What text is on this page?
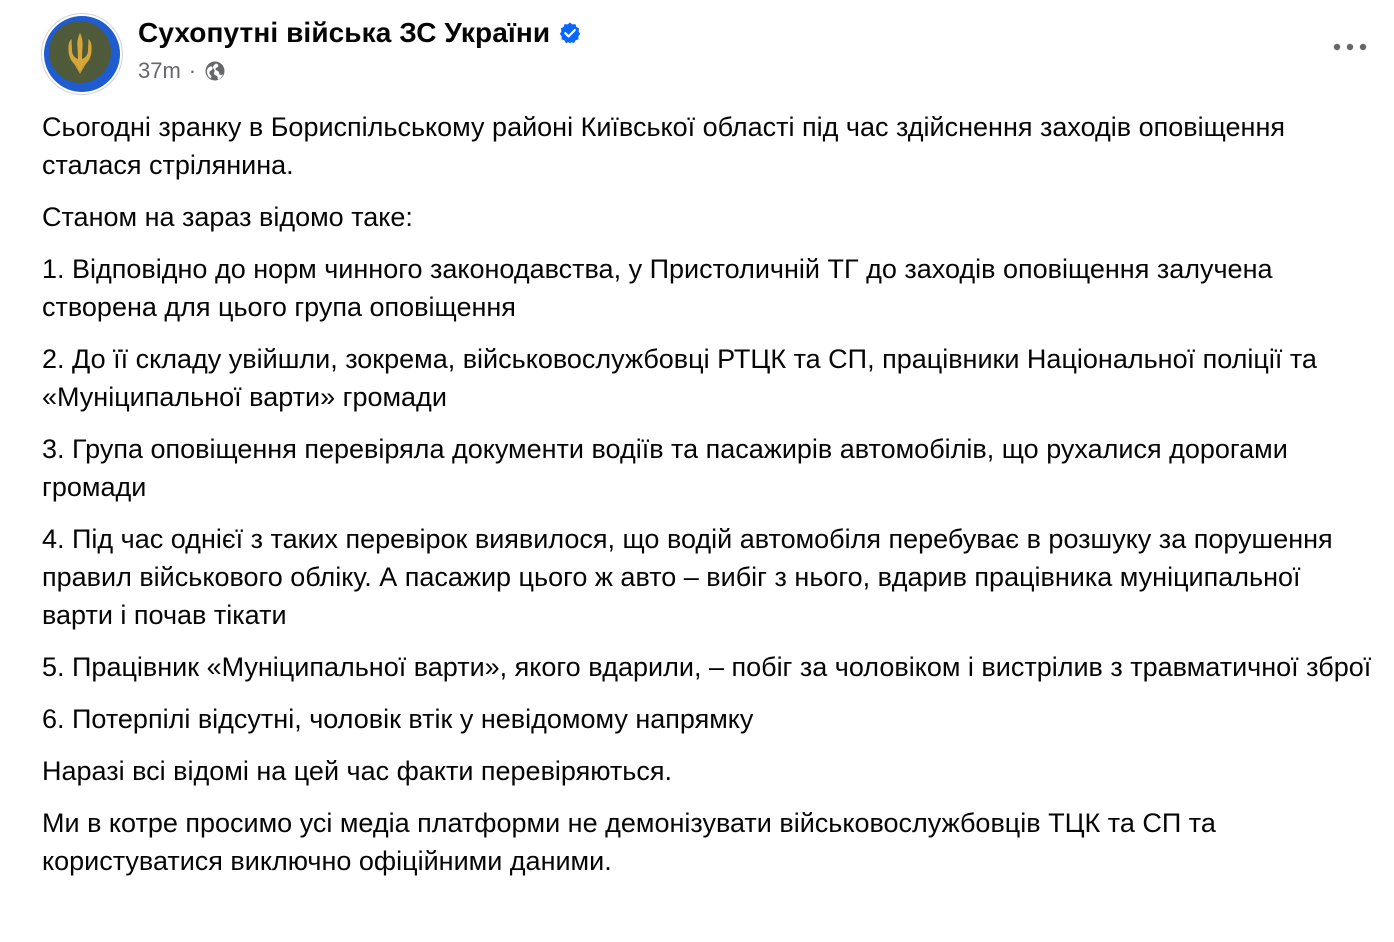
Сухопутні війська ЗС України
37m ·

Сьогодні зранку в Бориспільському районі Київської області під час здійснення заходів оповіщення сталася стрілянина.

Станом на зараз відомо таке:

1. Відповідно до норм чинного законодавства, у Пристоличній ТГ до заходів оповіщення залучена створена для цього група оповіщення

2. До її складу увійшли, зокрема, військовослужбовці РТЦК та СП, працівники Національної поліції та «Муніципальної варти» громади

3. Група оповіщення перевіряла документи водіїв та пасажирів автомобілів, що рухалися дорогами громади

4. Під час однієї з таких перевірок виявилося, що водій автомобіля перебуває в розшуку за порушення правил військового обліку. А пасажир цього ж авто – вибіг з нього, вдарив працівника муніципальної варти і почав тікати

5. Працівник «Муніципальної варти», якого вдарили, – побіг за чоловіком і вистрілив з травматичної зброї

6. Потерпілі відсутні, чоловік втік у невідомому напрямку

Наразі всі відомі на цей час факти перевіряються.

Ми в котре просимо усі медіа платформи не демонізувати військовослужбовців ТЦК та СП та користуватися виключно офіційними даними.
